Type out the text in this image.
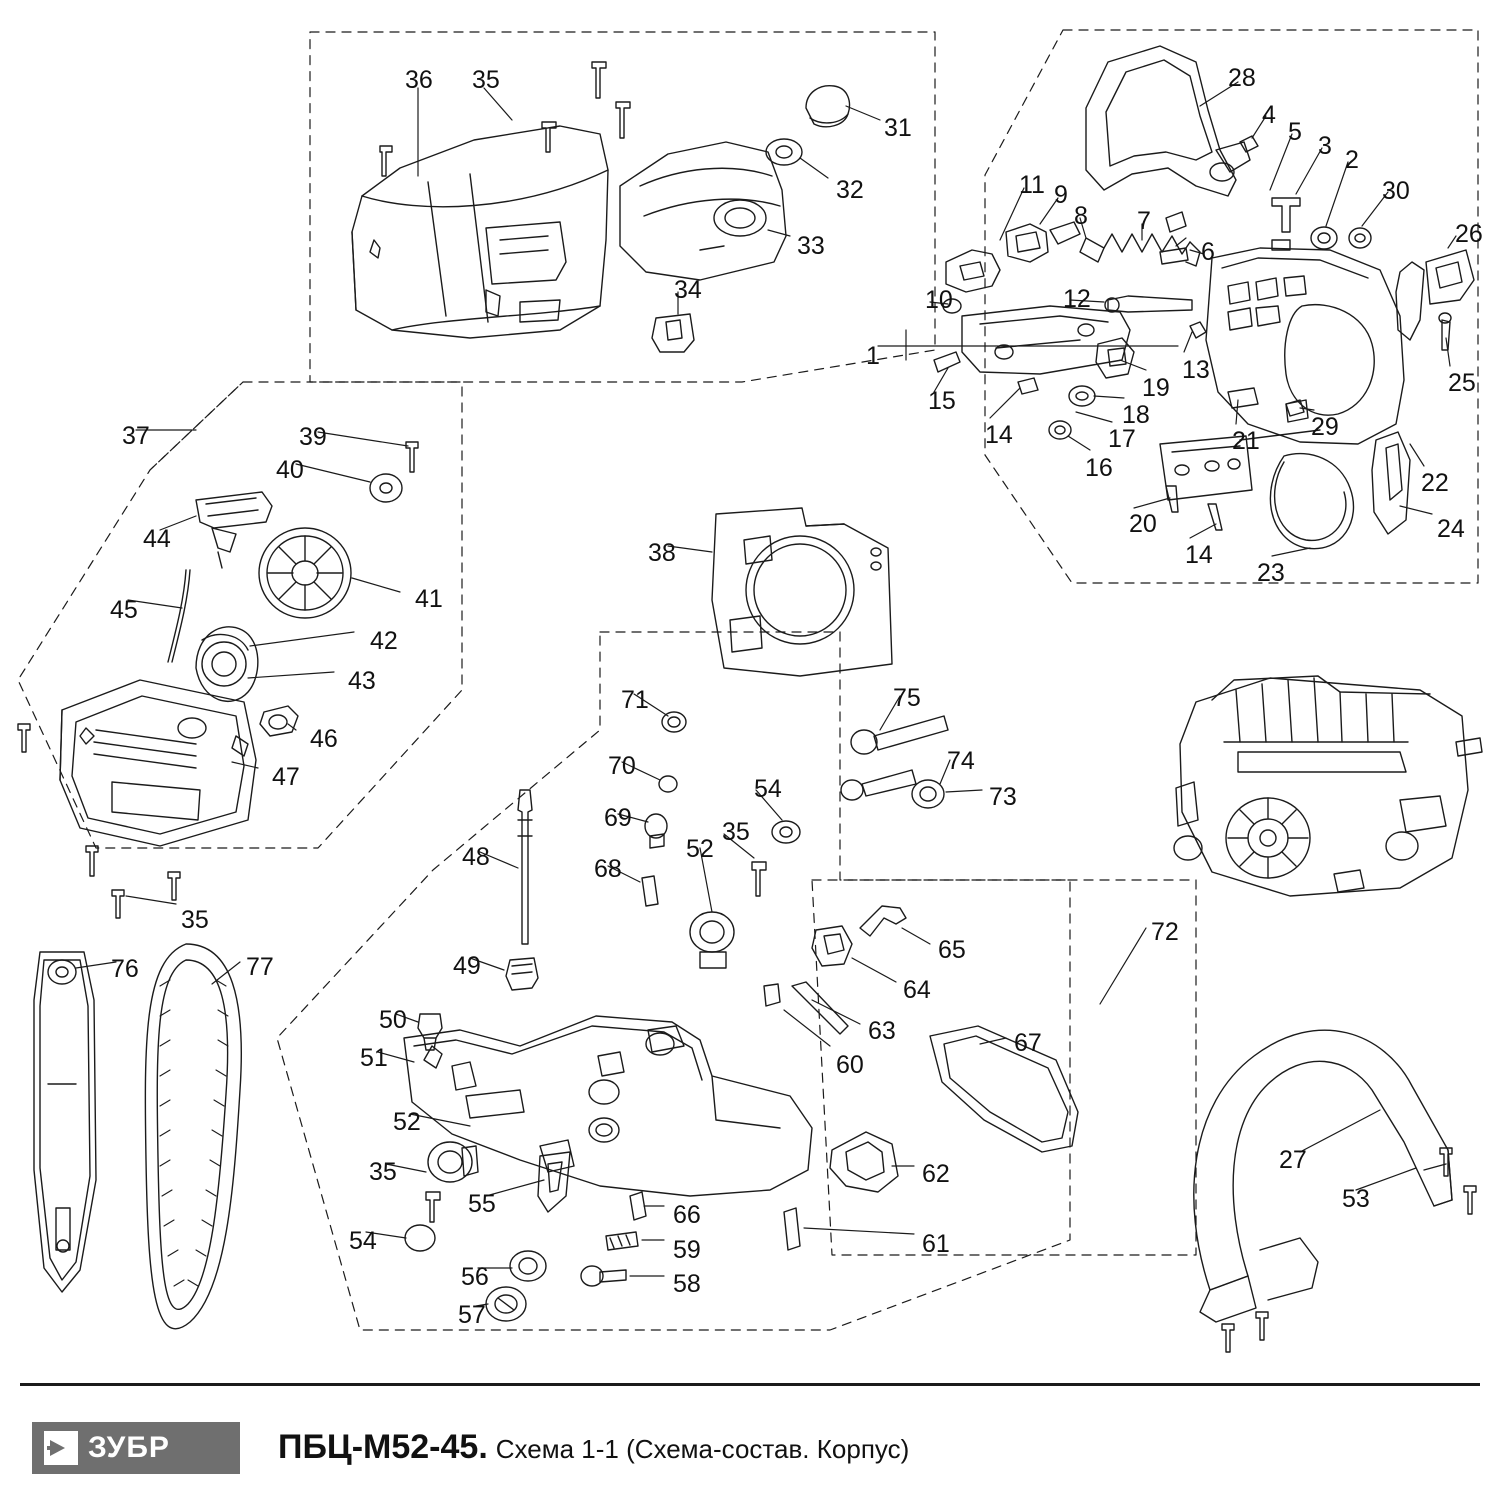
36 35
31
32
33
34
28
4
5 3 2
30
26
11 9
8 7
6
10	12
13
19
1
15	18
14	17
16
21 29
25
22
20
14
23
24
37	39
40
44
41
45
42
43
46
47
35
76	77
38
71	75
74
70
73
54
69	35
48	68
52
49
65
64
72
50	63	67
51	60
52
35	62
55
54
66
61
59
56	58
57
27
53
ЗУБР	ПБЦ-М52-45. Схема 1-1 (Схема-состав. Корпус)
